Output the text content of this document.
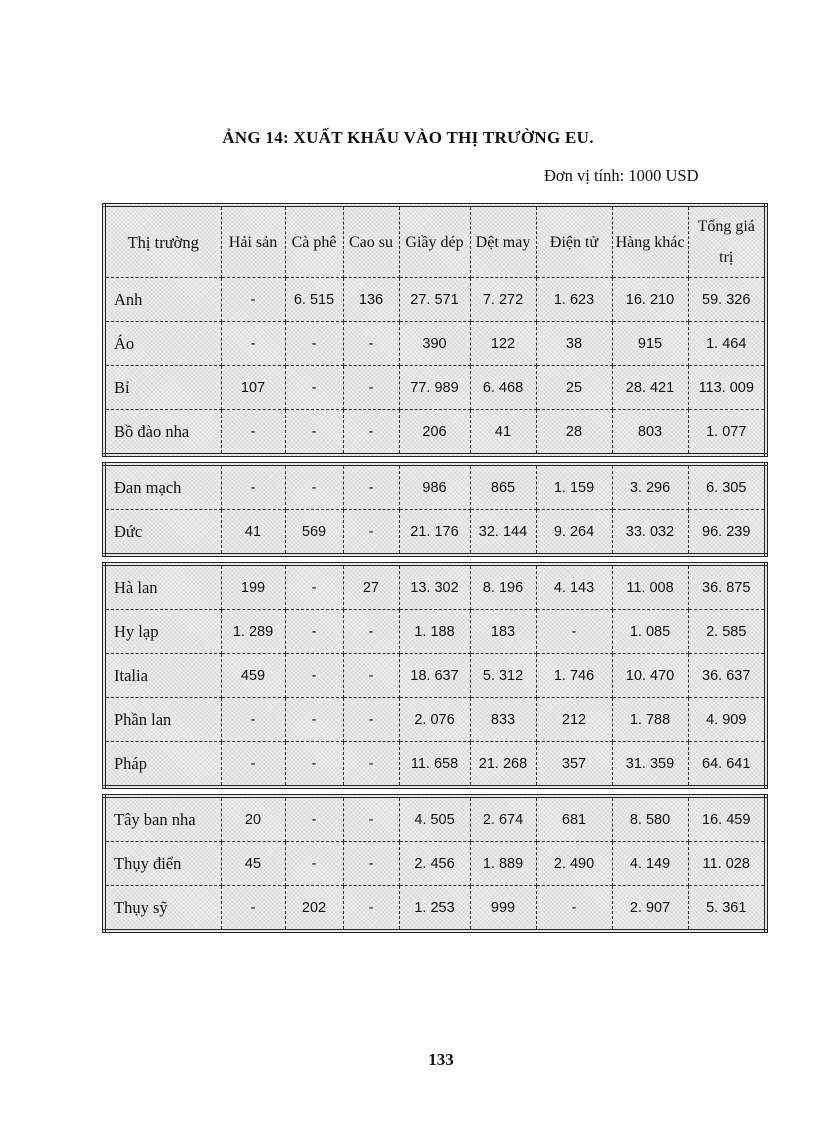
ẢNG 14: XUẤT KHẨU VÀO THỊ TRƯỜNG EU.
Đơn vị tính: 1000 USD
Thị trường	Hải sản	Cà phê	Cao su	Giầy dép	Dệt may	Điện tử	Hàng khác	Tổng giá trị
Anh	-	6. 515	136	27. 571	7. 272	1. 623	16. 210	59. 326
Áo	-	-	-	390	122	38	915	1. 464
Bỉ	107	-	-	77. 989	6. 468	25	28. 421	113. 009
Bồ đào nha	-	-	-	206	41	28	803	1. 077
Đan mạch	-	-	-	986	865	1. 159	3. 296	6. 305
Đức	41	569	-	21. 176	32. 144	9. 264	33. 032	96. 239
Hà lan	199	-	27	13. 302	8. 196	4. 143	11. 008	36. 875
Hy lạp	1. 289	-	-	1. 188	183	-	1. 085	2. 585
Italia	459	-	-	18. 637	5. 312	1. 746	10. 470	36. 637
Phần lan	-	-	-	2. 076	833	212	1. 788	4. 909
Pháp	-	-	-	11. 658	21. 268	357	31. 359	64. 641
Tây ban nha	20	-	-	4. 505	2. 674	681	8. 580	16. 459
Thụy điển	45	-	-	2. 456	1. 889	2. 490	4. 149	11. 028
Thụy sỹ	-	202	-	1. 253	999	-	2. 907	5. 361
133
